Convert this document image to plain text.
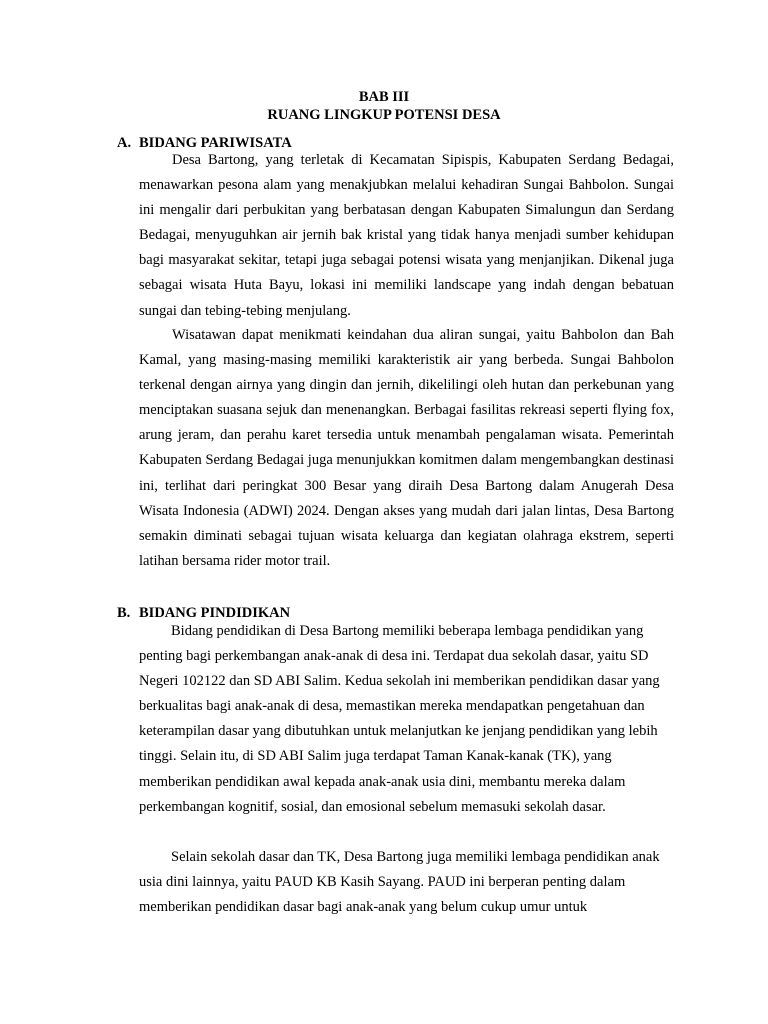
BAB III
RUANG LINGKUP POTENSI DESA
A. BIDANG PARIWISATA

Desa Bartong, yang terletak di Kecamatan Sipispis, Kabupaten Serdang Bedagai, menawarkan pesona alam yang menakjubkan melalui kehadiran Sungai Bahbolon. Sungai ini mengalir dari perbukitan yang berbatasan dengan Kabupaten Simalungun dan Serdang Bedagai, menyuguhkan air jernih bak kristal yang tidak hanya menjadi sumber kehidupan bagi masyarakat sekitar, tetapi juga sebagai potensi wisata yang menjanjikan. Dikenal juga sebagai wisata Huta Bayu, lokasi ini memiliki landscape yang indah dengan bebatuan sungai dan tebing-tebing menjulang.

Wisatawan dapat menikmati keindahan dua aliran sungai, yaitu Bahbolon dan Bah Kamal, yang masing-masing memiliki karakteristik air yang berbeda. Sungai Bahbolon terkenal dengan airnya yang dingin dan jernih, dikelilingi oleh hutan dan perkebunan yang menciptakan suasana sejuk dan menenangkan. Berbagai fasilitas rekreasi seperti flying fox, arung jeram, dan perahu karet tersedia untuk menambah pengalaman wisata. Pemerintah Kabupaten Serdang Bedagai juga menunjukkan komitmen dalam mengembangkan destinasi ini, terlihat dari peringkat 300 Besar yang diraih Desa Bartong dalam Anugerah Desa Wisata Indonesia (ADWI) 2024. Dengan akses yang mudah dari jalan lintas, Desa Bartong semakin diminati sebagai tujuan wisata keluarga dan kegiatan olahraga ekstrem, seperti latihan bersama rider motor trail.

B. BIDANG PINDIDIKAN

Bidang pendidikan di Desa Bartong memiliki beberapa lembaga pendidikan yang penting bagi perkembangan anak-anak di desa ini. Terdapat dua sekolah dasar, yaitu SD Negeri 102122 dan SD ABI Salim. Kedua sekolah ini memberikan pendidikan dasar yang berkualitas bagi anak-anak di desa, memastikan mereka mendapatkan pengetahuan dan keterampilan dasar yang dibutuhkan untuk melanjutkan ke jenjang pendidikan yang lebih tinggi. Selain itu, di SD ABI Salim juga terdapat Taman Kanak-kanak (TK), yang memberikan pendidikan awal kepada anak-anak usia dini, membantu mereka dalam perkembangan kognitif, sosial, dan emosional sebelum memasuki sekolah dasar.

Selain sekolah dasar dan TK, Desa Bartong juga memiliki lembaga pendidikan anak usia dini lainnya, yaitu PAUD KB Kasih Sayang. PAUD ini berperan penting dalam memberikan pendidikan dasar bagi anak-anak yang belum cukup umur untuk
